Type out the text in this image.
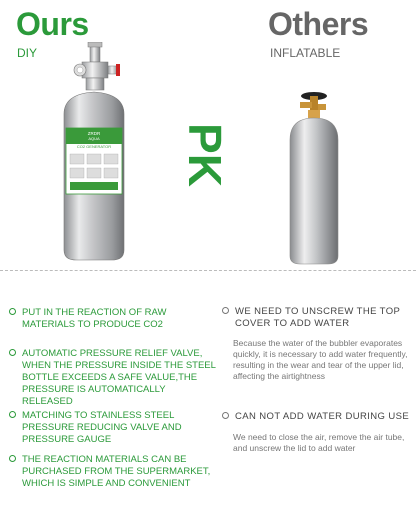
Ours
DIY
Others
INFLATABLE
ZRDR
AQUA
CO2 GENERATOR PK
PUT IN THE REACTION OF RAW MATERIALS TO PRODUCE CO2
AUTOMATIC PRESSURE RELIEF VALVE, WHEN THE PRESSURE INSIDE THE STEEL BOTTLE EXCEEDS A SAFE VALUE,THE PRESSURE IS AUTOMATICALLY RELEASED
MATCHING TO STAINLESS STEEL PRESSURE REDUCING VALVE AND PRESSURE GAUGE
THE REACTION MATERIALS CAN BE PURCHASED FROM THE SUPERMARKET, WHICH IS SIMPLE AND CONVENIENT
WE NEED TO UNSCREW THE TOP COVER TO ADD WATER
Because the water of the bubbler evaporates quickly, it is necessary to add water frequently, resulting in the wear and tear of the upper lid, affecting the airtightness
CAN NOT ADD WATER DURING USE
We need to close the air, remove the air tube, and unscrew the lid to add water
